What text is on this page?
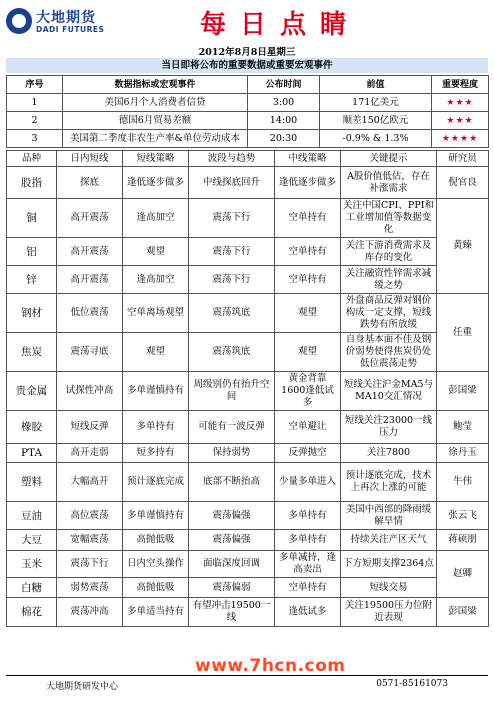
大地期货
DADI FUTURES	每日点睛
2012年8月8日星期三
当日即将公布的重要数据或重要宏观事件
序号	数据指标或宏观事件	公布时间	前值	重要程度
1	美国6月个人消费者信贷	3:00	171亿美元	★★★
2	德国6月贸易差额	14:00	顺差150亿欧元	★★★
3	美国第二季度非农生产率&单位劳动成本	20:30	-0.9% & 1.3%	★★★★
品种	日内短线	短线策略	波段与趋势	中线策略	关键提示	研究员
股指	探底	逢低逐步做多	中线探底回升	逢低逐步做多	A股价值低估，存在补涨需求	倪官良
铜	高开震荡	逢高加空	震荡下行	空单持有	关注中国CPI、PPI和工业增加值等数据变化	黄臻
铝	高开震荡	观望	震荡下行	空单持有	关注下游消费需求及库存的变化	
锌	高开震荡	逢高加空	震荡下行	空单持有	关注融资性锌需求减缓之势	
钢材	低位震荡	空单离场观望	震荡筑底	观望	外盘商品反弹对钢价构成一定支撑，短线跌势有所放缓	任重
焦炭	震荡寻底	观望	震荡筑底	观望	自身基本面不佳及钢价弱势使得焦炭仍处低位震荡走势	
贵金属	试探性冲高	多单谨慎持有	周级别仍有抬升空间	黄金背靠1600逢低试多	短线关注沪金MA5与MA10交汇情况	彭国梁
橡胶	短线反弹	多单持有	可能有一波反弹	空单避让	短线关注23000一线压力	鲍莹
PTA	高开走弱	短多持有	保持弱势	反弹抛空	关注7800	徐丹玉
塑料	大幅高开	预计逐底完成	底部不断抬高	少量多单进入	预计逐底完成，技术上再次上涨的可能	牛伟
豆油	高位震荡	多单谨慎持有	震荡偏强	多单持有	美国中西部的降雨缓解旱情	张云飞
大豆	宽幅震荡	高抛低吸	震荡偏强	多单持有	持续关注产区天气	蒋硕朋
玉米	震荡下行	日内空头操作	面临深度回调	多单减持，逢高卖出	下方短期支撑2364点	赵卿
白糖	弱势震荡	高抛低吸	震荡偏弱	空单持有	短线交易	
棉花	震荡冲高	多单适当持有	有望冲击19500一线	逢低试多	关注19500压力位附近表现	彭国梁
www.7hcn.com
大地期货研发中心	0571-85161073
